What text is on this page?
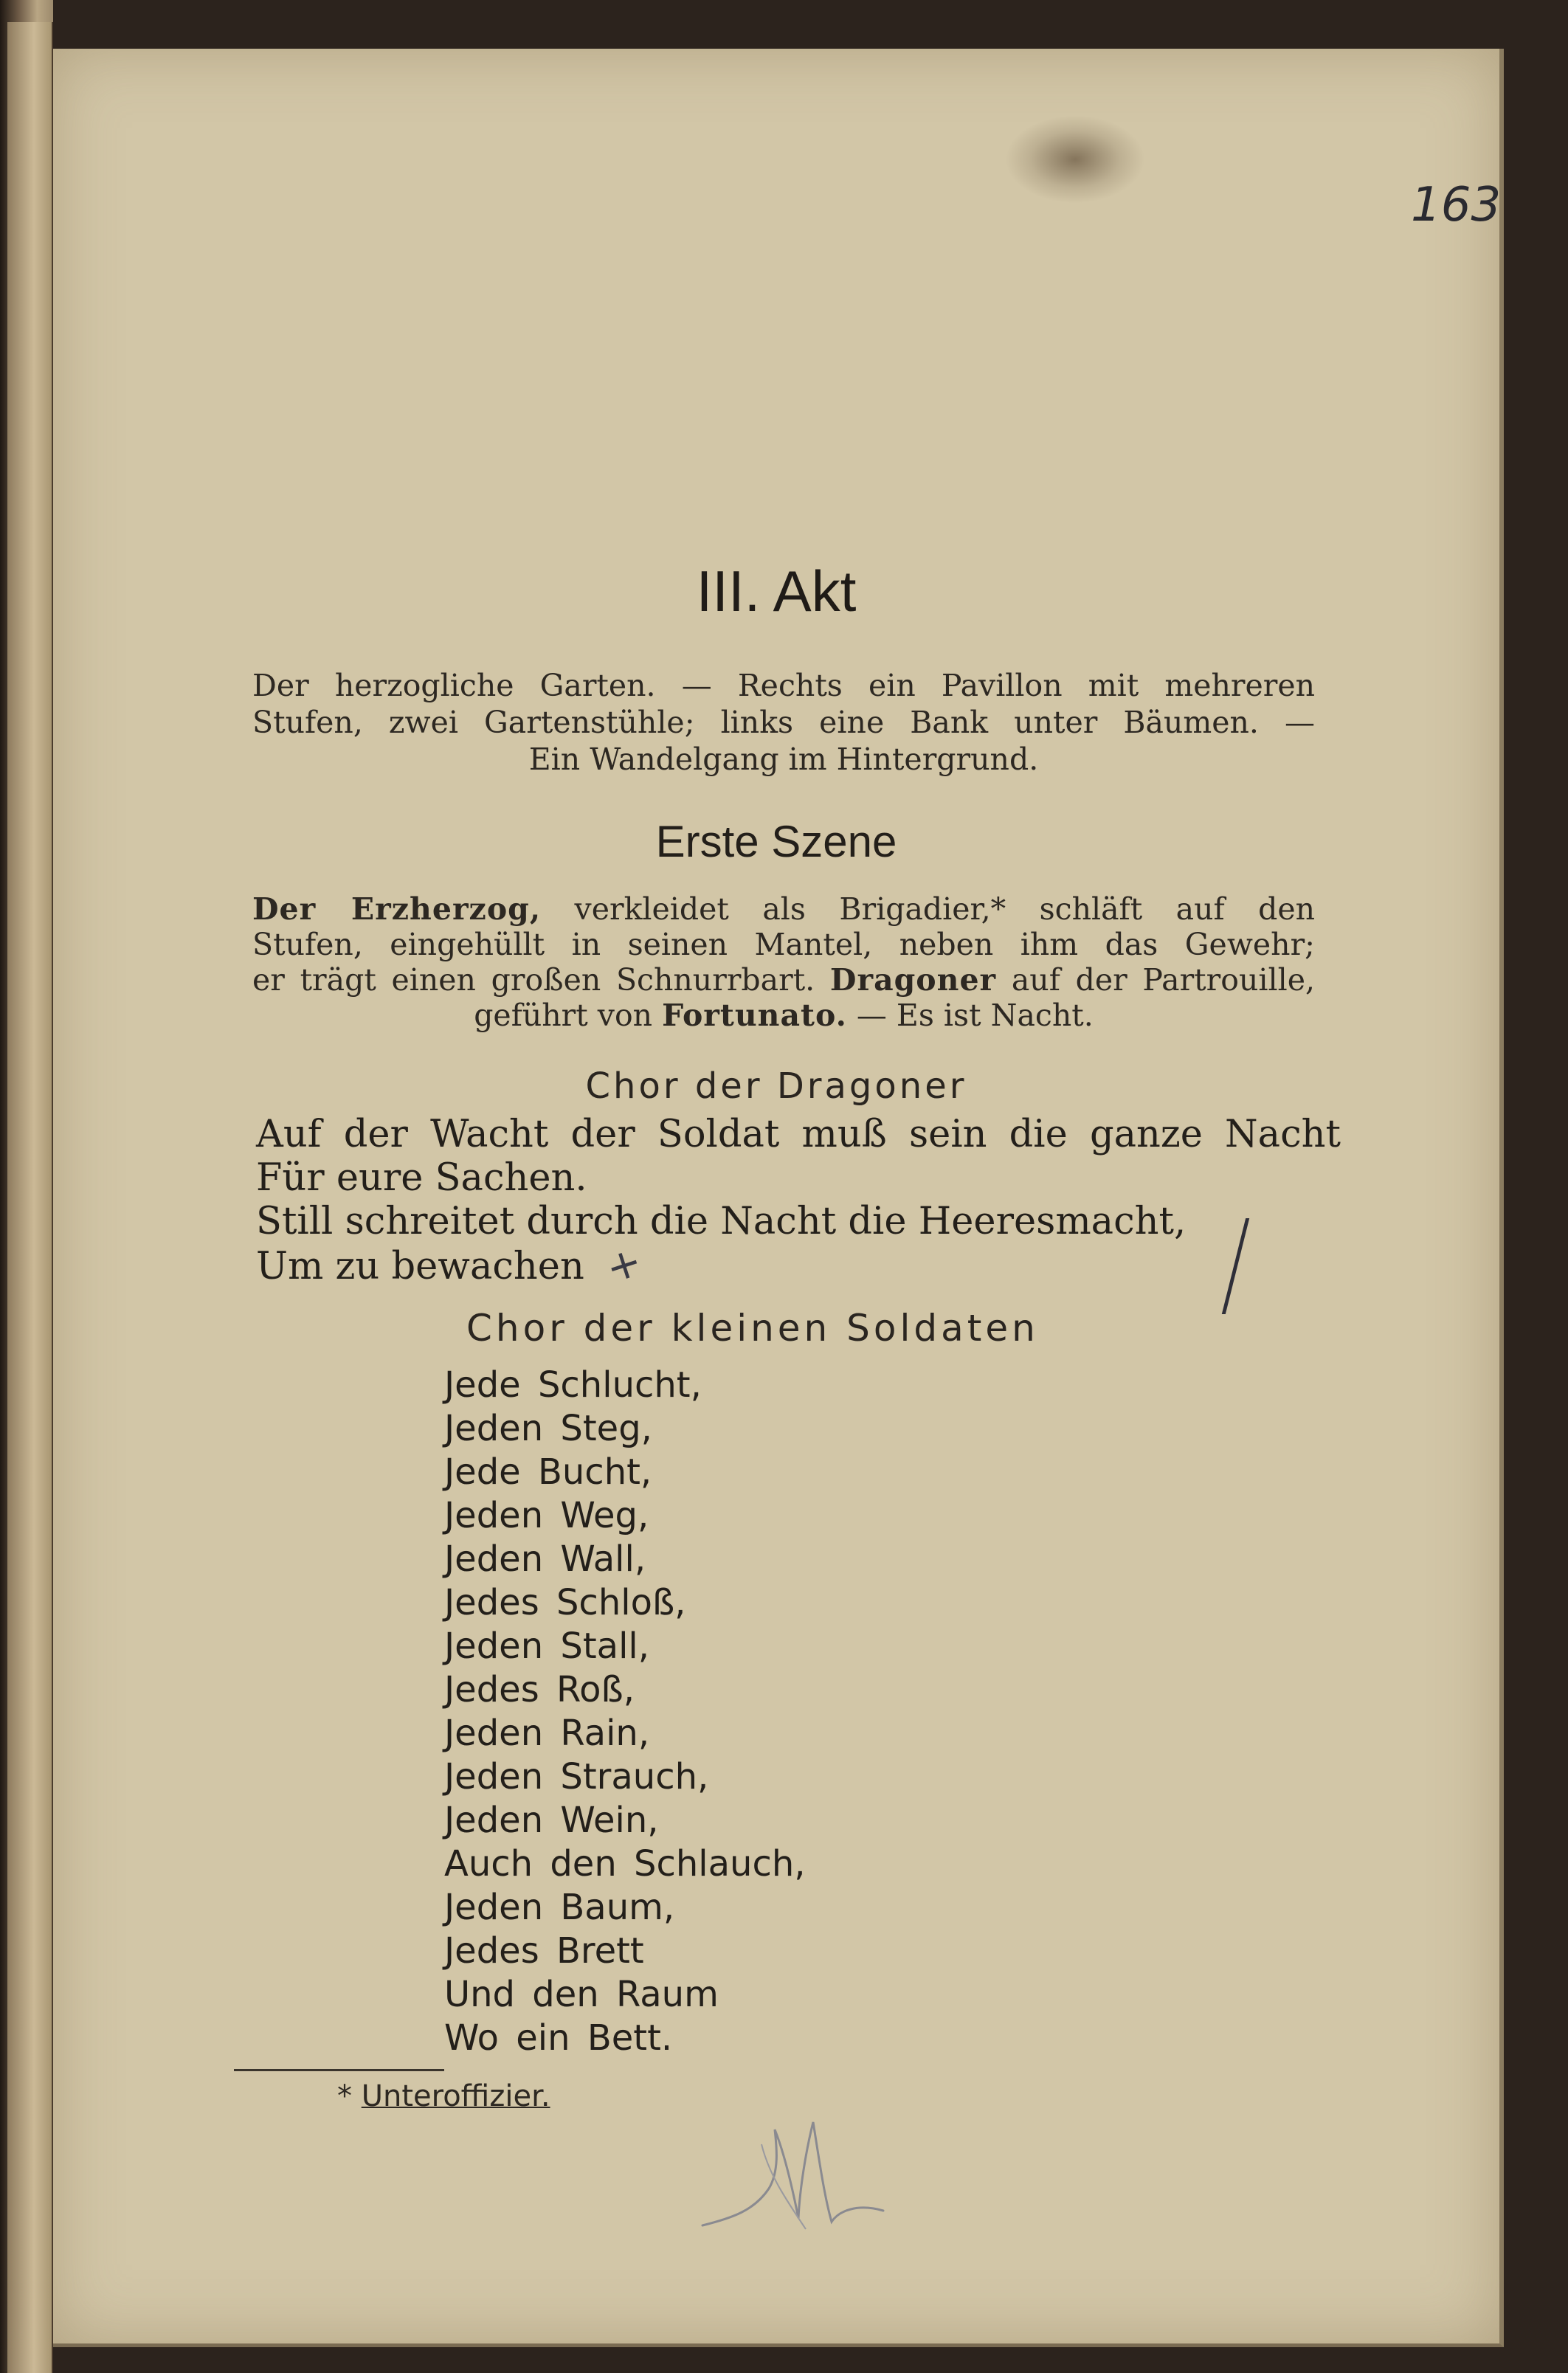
163
III. Akt
Der herzogliche Garten. — Rechts ein Pavillon mit mehreren
Stufen, zwei Gartenstühle; links eine Bank unter Bäumen. —
Ein Wandelgang im Hintergrund.
Erste Szene
Der Erzherzog, verkleidet als Brigadier,* schläft auf den
Stufen, eingehüllt in seinen Mantel, neben ihm das Gewehr;
er trägt einen großen Schnurrbart. Dragoner auf der Partrouille,
geführt von Fortunato. — Es ist Nacht.
Chor der Dragoner
Auf der Wacht der Soldat muß sein die ganze Nacht
Für eure Sachen.
Still schreitet durch die Nacht die Heeresmacht,
Um zu bewachen +
Chor der kleinen Soldaten
Jede Schlucht,
Jeden Steg,
Jede Bucht,
Jeden Weg,
Jeden Wall,
Jedes Schloß,
Jeden Stall,
Jedes Roß,
Jeden Rain,
Jeden Strauch,
Jeden Wein,
Auch den Schlauch,
Jeden Baum,
Jedes Brett
Und den Raum
Wo ein Bett.
* Unteroffizier.
